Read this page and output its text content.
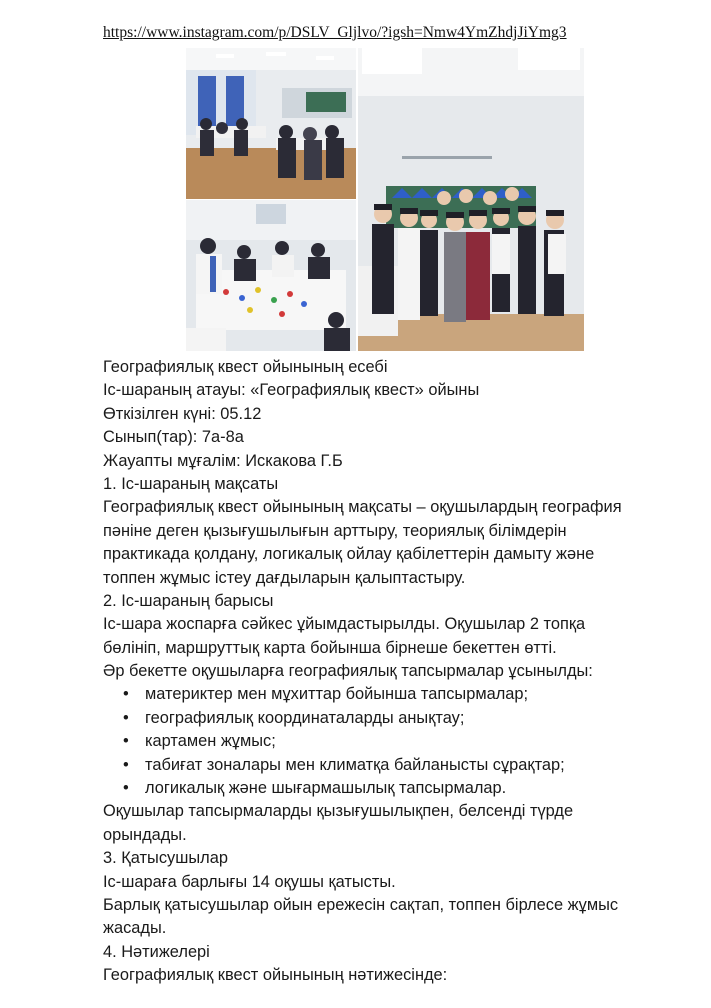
https://www.instagram.com/p/DSLV_Gljlvo/?igsh=Nmw4YmZhdjJiYmg3
Географиялық квест ойынының есебі
Іс-шараның атауы: «Географиялық квест» ойыны
Өткізілген күні: 05.12
Сынып(тар): 7а-8а
Жауапты мұғалім: Искакова Г.Б
1. Іс-шараның мақсаты
Географиялық квест ойынының мақсаты – оқушылардың география
пәніне деген қызығушылығын арттыру, теориялық білімдерін
практикада қолдану, логикалық ойлау қабілеттерін дамыту және
топпен жұмыс істеу дағдыларын қалыптастыру.
2. Іс-шараның барысы
Іс-шара жоспарға сәйкес ұйымдастырылды. Оқушылар 2 топқа
бөлініп, маршруттық карта бойынша бірнеше бекеттен өтті.
Әр бекетте оқушыларға географиялық тапсырмалар ұсынылды:
• материктер мен мұхиттар бойынша тапсырмалар;
• географиялық координаталарды анықтау;
• картамен жұмыс;
• табиғат зоналары мен климатқа байланысты сұрақтар;
• логикалық және шығармашылық тапсырмалар.
Оқушылар тапсырмаларды қызығушылықпен, белсенді түрде
орындады.
3. Қатысушылар
Іс-шараға барлығы 14 оқушы қатысты.
Барлық қатысушылар ойын ережесін сақтап, топпен бірлесе жұмыс
жасады.
4. Нәтижелері
Географиялық квест ойынының нәтижесінде:
